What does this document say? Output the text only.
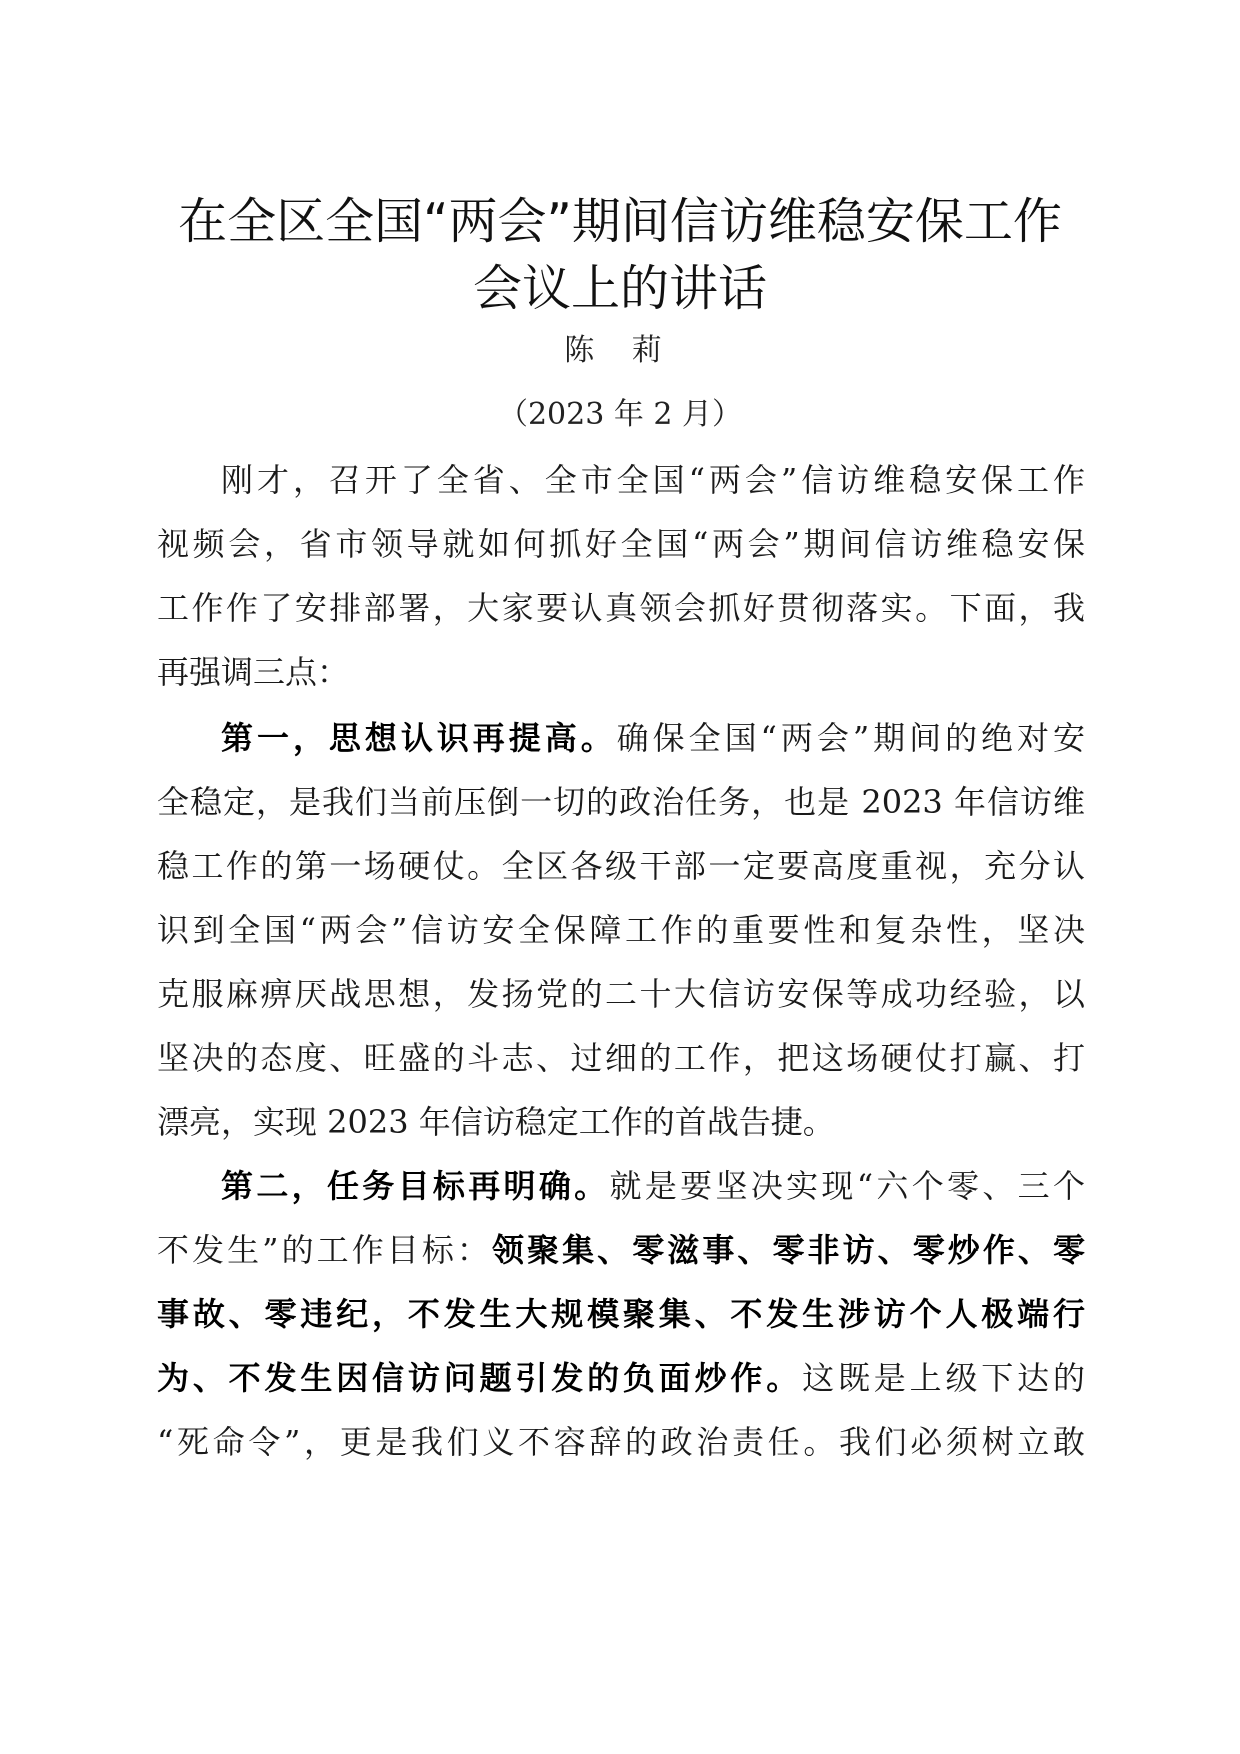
在全区全国“两会”期间信访维稳安保工作
会议上的讲话
陈 莉
（2023 年 2 月）
刚才，召开了全省、全市全国“两会”信访维稳安保工作
视频会，省市领导就如何抓好全国“两会”期间信访维稳安保
工作作了安排部署，大家要认真领会抓好贯彻落实。下面，我
再强调三点：
第一，思想认识再提高。确保全国“两会”期间的绝对安
全稳定，是我们当前压倒一切的政治任务，也是 2023 年信访维
稳工作的第一场硬仗。全区各级干部一定要高度重视，充分认
识到全国“两会”信访安全保障工作的重要性和复杂性，坚决
克服麻痹厌战思想，发扬党的二十大信访安保等成功经验，以
坚决的态度、旺盛的斗志、过细的工作，把这场硬仗打赢、打
漂亮，实现 2023 年信访稳定工作的首战告捷。
第二，任务目标再明确。就是要坚决实现“六个零、三个
不发生”的工作目标：领聚集、零滋事、零非访、零炒作、零
事故、零违纪，不发生大规模聚集、不发生涉访个人极端行
为、不发生因信访问题引发的负面炒作。这既是上级下达的
“死命令”，更是我们义不容辞的政治责任。我们必须树立敢
